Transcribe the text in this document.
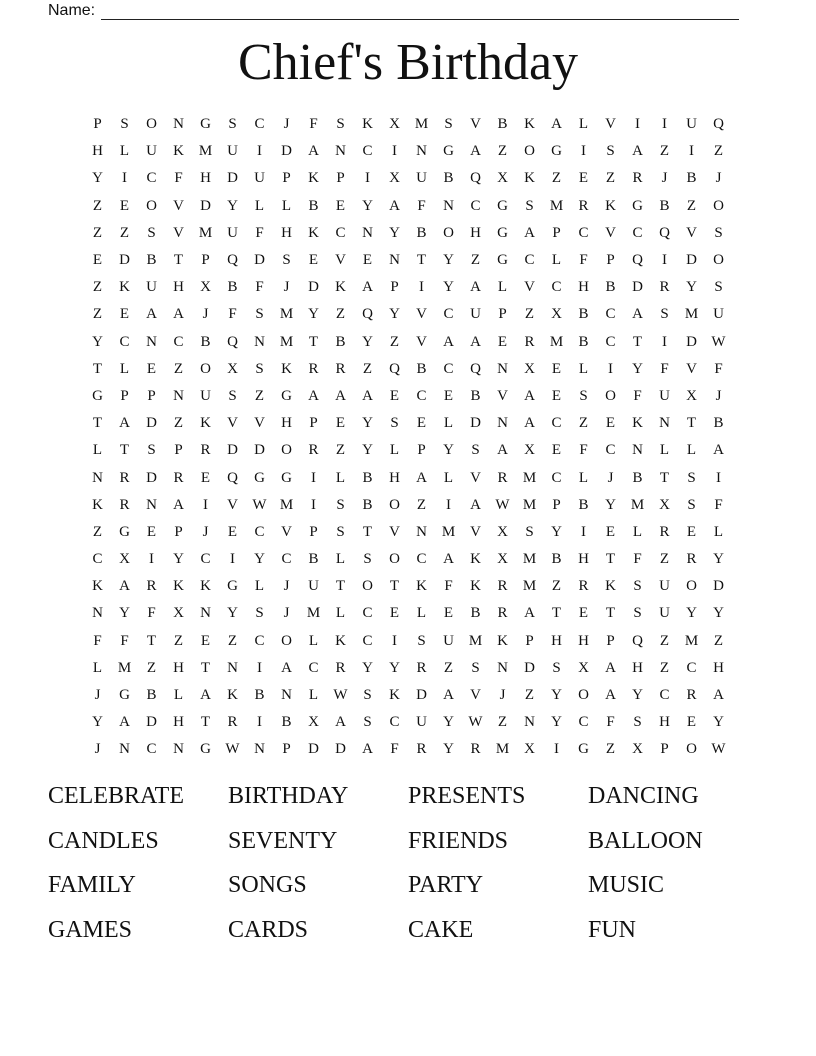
Name:
Chief's Birthday
P	S	O	N	G	S	C	J	F	S	K	X M	S	V	B	K	A	L	V	I	I	U	Q
H	L	U	K M U	I	D	A	N	C	I	N	G	A	Z	O	G	I	S	A	Z	I	Z
Y	I	C	F	H	D	U	P	K	P	I	X	U	B	Q	X	K	Z	E	Z	R	J	B	J
Z	E	O	V	D	Y	L	L	B	E	Y	A	F	N	C	G	S	M	R	K	G	B	Z	O
Z	Z	S	V M U	F	H	K	C	N	Y	B	O	H	G	A	P	C	V	C	Q	V	S
E	D	B	T	P	Q	D	S	E	V	E	N	T	Y	Z	G	C	L	F	P	Q	I	D	O
Z	K	U	H	X	B	F	J	D	K	A	P	I	Y	A	L	V	C	H	B	D	R	Y	S
Z	E	A	A	J	F	S	M Y	Z	Q	Y	V	C	U	P	Z	X	B	C	A	S	M U
Y	C	N	C	B	Q	N M	T	B	Y	Z	V	A	A	E	R	M	B	C	T	I	D W
T	L	E	Z	O	X	S	K	R	R	Z	Q	B	C	Q	N	X	E	L	I	Y	F	V	F
G	P	P	N	U	S	Z	G	A	A	A	E	C	E	B	V	A	E	S	O	F	U	X	J
T	A	D	Z	K	V	V	H	P	E	Y	S	E	L	D	N	A	C	Z	E	K	N	T	B
L	T	S	P	R	D	D	O	R	Z	Y	L	P	Y	S	A	X	E	F	C	N	L	L	A
N	R	D	R	E	Q	G	G	I	L	B	H	A	L	V	R	M	C	L	J	B	T	S	I
K	R	N	A	I	V W M	I	S	B	O	Z	I	A W M	P	B	Y M X	S	F
Z	G	E	P	J	E	C	V	P	S	T	V	N M V	X	S	Y	I	E	L	R	E	L
C	X	I	Y	C	I	Y	C	B	L	S	O	C	A	K	X M	B	H	T	F	Z	R	Y
K	A	R	K	K	G	L	J	U	T	O	T	K	F	K	R	M	Z	R	K	S	U	O	D
N	Y	F	X	N	Y	S	J	M	L	C	E	L	E	B	R	A	T	E	T	S	U	Y	Y
F	F	T	Z	E	Z	C	O	L	K	C	I	S	U M K	P	H	H	P	Q	Z	M	Z
L	M	Z	H	T	N	I	A	C	R	Y	Y	R	Z	S	N	D	S	X	A	H	Z	C	H
J	G	B	L	A	K	B	N	L	W	S	K	D	A	V	J	Z	Y	O	A	Y	C	R	A
Y	A	D	H	T	R	I	B	X	A	S	C	U	Y W	Z	N	Y	C	F	S	H	E	Y
J	N	C	N	G W N	P	D	D	A	F	R	Y	R	M X	I	G	Z	X	P	O W
CELEBRATE	BIRTHDAY	PRESENTS	DANCING
CANDLES	SEVENTY	FRIENDS	BALLOON
FAMILY	SONGS	PARTY	MUSIC
GAMES	CARDS	CAKE	FUN
